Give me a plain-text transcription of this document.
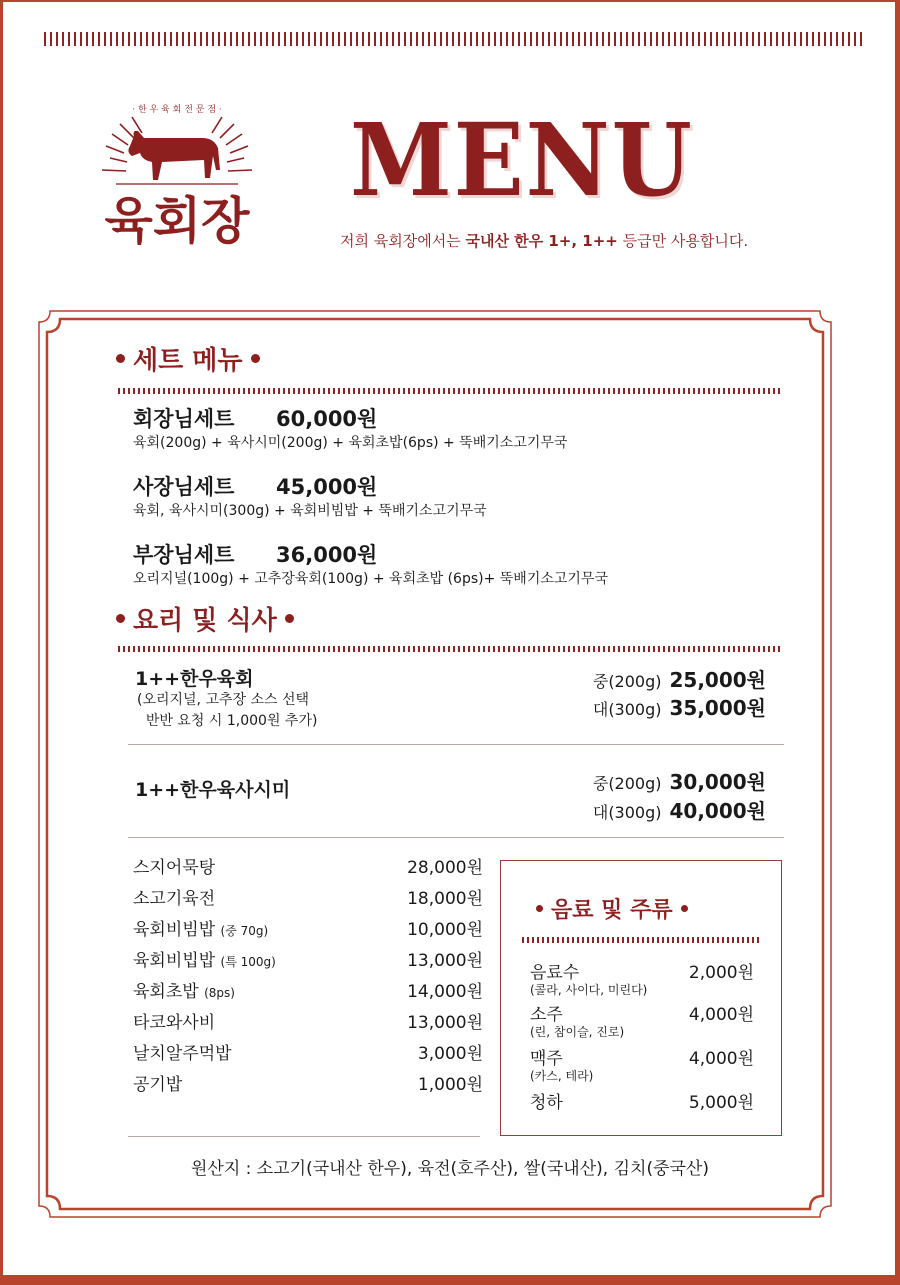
· 한 우 육 회 전 문 점 ·
육회장
MENU
저희 육회장에서는 국내산 한우 1+, 1++ 등급만 사용합니다.
세트 메뉴
회장님세트 60,000원
육회(200g) + 육사시미(200g) + 육회초밥(6ps) + 뚝배기소고기무국
사장님세트 45,000원
육회, 육사시미(300g) + 육회비빔밥 + 뚝배기소고기무국
부장님세트 36,000원
오리지널(100g) + 고추장육회(100g) + 육회초밥 (6ps)+ 뚝배기소고기무국
요리 및 식사
1++한우육회
(오리지널, 고추장 소스 선택
반반 요청 시 1,000원 추가)
중(200g) 25,000원
대(300g) 35,000원
1++한우육사시미	중(200g) 30,000원
대(300g) 40,000원
스지어묵탕	28,000원
소고기육전	18,000원
육회비빔밥 (중 70g)	10,000원
육회비빕밥 (특 100g)	13,000원
육회초밥 (8ps)	14,000원
타코와사비	13,000원
날치알주먹밥	3,000원
공기밥	1,000원
음료 및 주류
음료수	2,000원
(콜라, 사이다, 미린다)
소주	4,000원
(린, 참이슬, 진로)
맥주	4,000원
(카스, 테라)
청하	5,000원
원산지 : 소고기(국내산 한우), 육전(호주산), 쌀(국내산), 김치(중국산)
